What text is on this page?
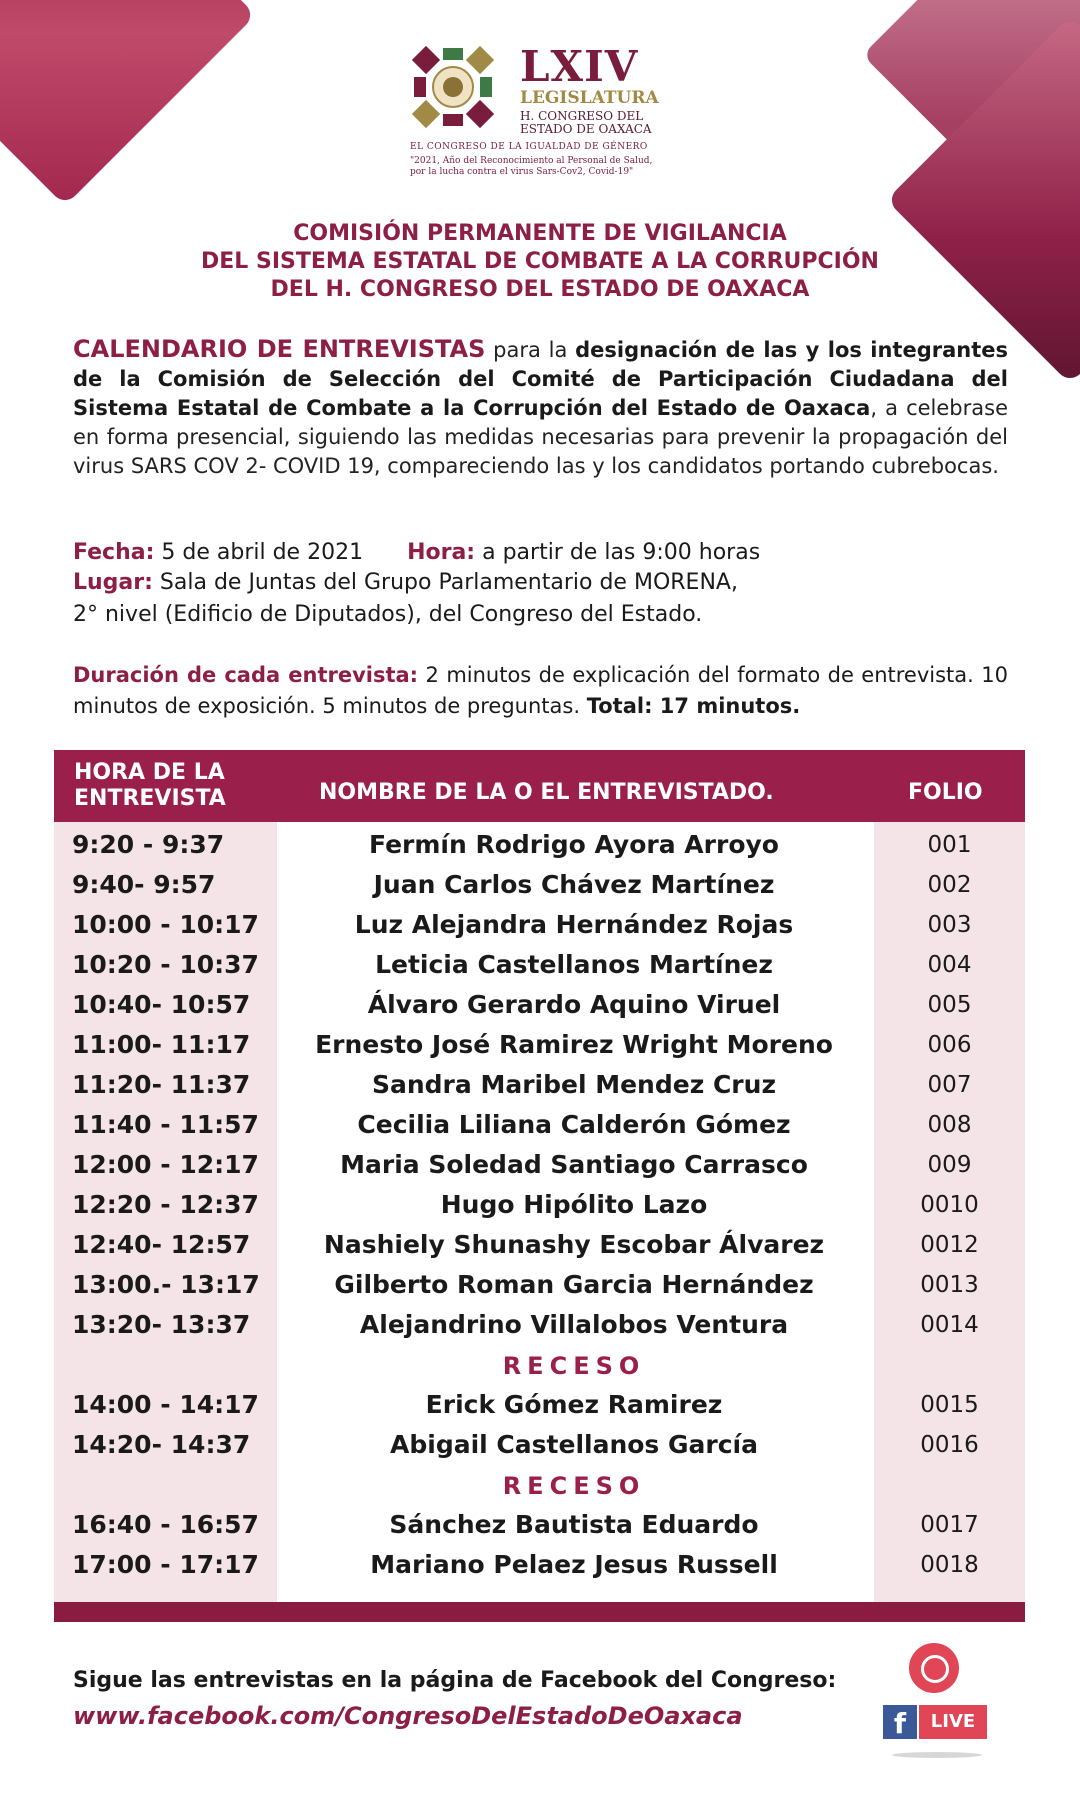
LXIV
LEGISLATURA
H. CONGRESO DEL
ESTADO DE OAXACA
EL CONGRESO DE LA IGUALDAD DE GÉNERO
"2021, Año del Reconocimiento al Personal de Salud,
por la lucha contra el virus Sars-Cov2, Covid-19"
COMISIÓN PERMANENTE DE VIGILANCIA
DEL SISTEMA ESTATAL DE COMBATE A LA CORRUPCIÓN
DEL H. CONGRESO DEL ESTADO DE OAXACA
CALENDARIO DE ENTREVISTAS para la designación de las y los integrantes de la Comisión de Selección del Comité de Participación Ciudadana del Sistema Estatal de Combate a la Corrupción del Estado de Oaxaca, a celebrase en forma presencial, siguiendo las medidas necesarias para prevenir la propagación del virus SARS COV 2- COVID 19, compareciendo las y los candidatos portando cubrebocas.
Fecha: 5 de abril de 2021 Hora: a partir de las 9:00 horas
Lugar: Sala de Juntas del Grupo Parlamentario de MORENA,
2° nivel (Edificio de Diputados), del Congreso del Estado.
Duración de cada entrevista: 2 minutos de explicación del formato de entrevista. 10 minutos de exposición. 5 minutos de preguntas. Total: 17 minutos.
HORA DE LA
ENTREVISTA	NOMBRE DE LA O EL ENTREVISTADO.	FOLIO
9:20 - 9:37	Fermín Rodrigo Ayora Arroyo	001
9:40- 9:57	Juan Carlos Chávez Martínez	002
10:00 - 10:17	Luz Alejandra Hernández Rojas	003
10:20 - 10:37	Leticia Castellanos Martínez	004
10:40- 10:57	Álvaro Gerardo Aquino Viruel	005
11:00- 11:17	Ernesto José Ramirez Wright Moreno	006
11:20- 11:37	Sandra Maribel Mendez Cruz	007
11:40 - 11:57	Cecilia Liliana Calderón Gómez	008
12:00 - 12:17	Maria Soledad Santiago Carrasco	009
12:20 - 12:37	Hugo Hipólito Lazo	0010
12:40- 12:57	Nashiely Shunashy Escobar Álvarez	0012
13:00.- 13:17	Gilberto Roman Garcia Hernández	0013
13:20- 13:37	Alejandrino Villalobos Ventura	0014
RECESO
14:00 - 14:17	Erick Gómez Ramirez	0015
14:20- 14:37	Abigail Castellanos García	0016
RECESO
16:40 - 16:57	Sánchez Bautista Eduardo	0017
17:00 - 17:17	Mariano Pelaez Jesus Russell	0018
Sigue las entrevistas en la página de Facebook del Congreso:
www.facebook.com/CongresoDelEstadoDeOaxaca	f	LIVE
